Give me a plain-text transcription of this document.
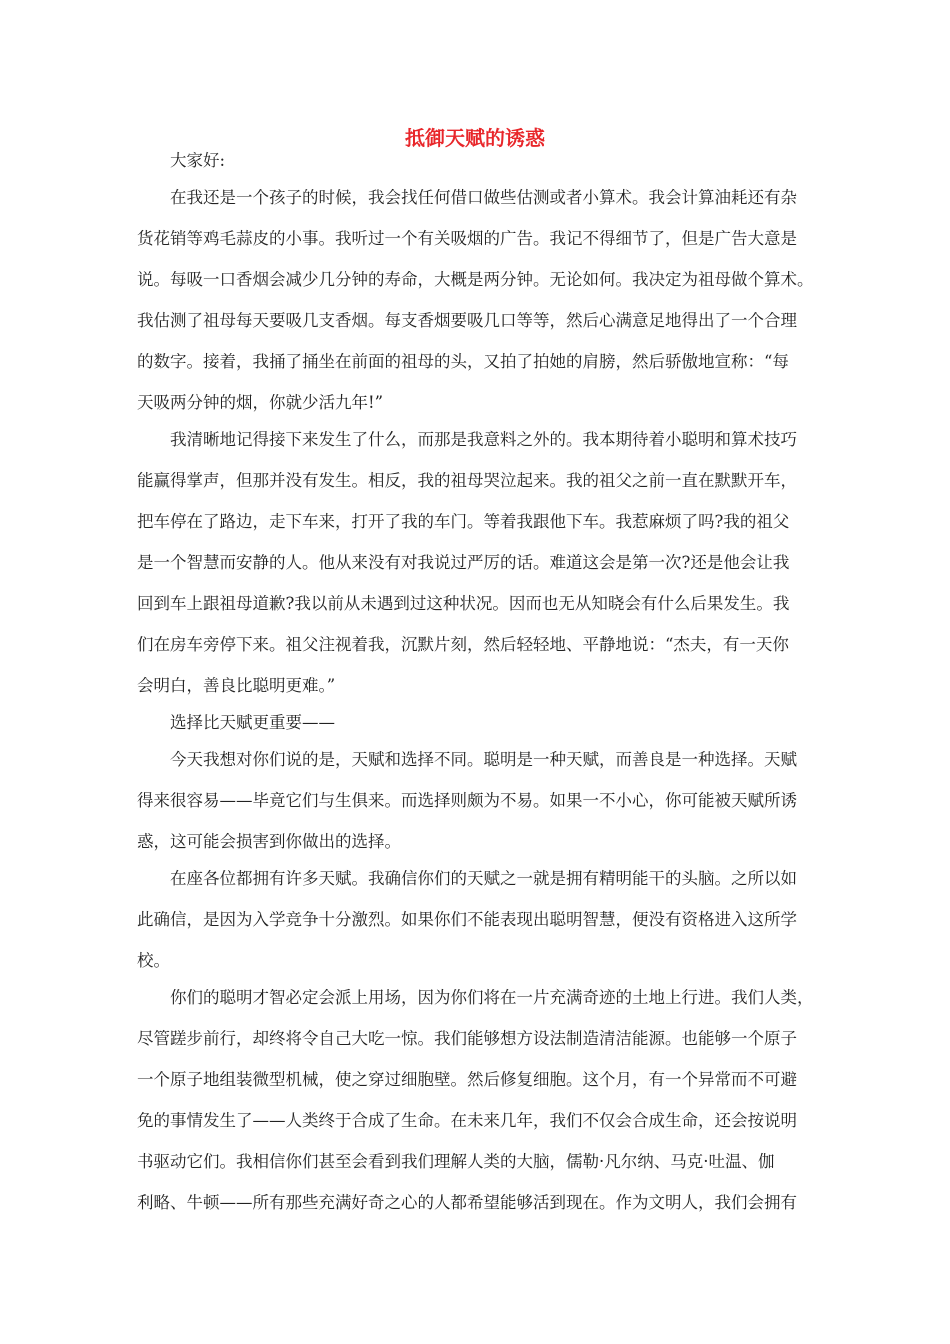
抵御天赋的诱惑

大家好:

在我还是一个孩子的时候，我会找任何借口做些估测或者小算术。我会计算油耗还有杂

货花销等鸡毛蒜皮的小事。我听过一个有关吸烟的广告。我记不得细节了，但是广告大意是

说。每吸一口香烟会减少几分钟的寿命，大概是两分钟。无论如何。我决定为祖母做个算术。

我估测了祖母每天要吸几支香烟。每支香烟要吸几口等等，然后心满意足地得出了一个合理

的数字。接着，我捅了捅坐在前面的祖母的头，又拍了拍她的肩膀，然后骄傲地宣称：“每

天吸两分钟的烟，你就少活九年!”

我清晰地记得接下来发生了什么，而那是我意料之外的。我本期待着小聪明和算术技巧

能赢得掌声，但那并没有发生。相反，我的祖母哭泣起来。我的祖父之前一直在默默开车，

把车停在了路边，走下车来，打开了我的车门。等着我跟他下车。我惹麻烦了吗?我的祖父

是一个智慧而安静的人。他从来没有对我说过严厉的话。难道这会是第一次?还是他会让我

回到车上跟祖母道歉?我以前从未遇到过这种状况。因而也无从知晓会有什么后果发生。我

们在房车旁停下来。祖父注视着我，沉默片刻，然后轻轻地、平静地说：“杰夫，有一天你

会明白，善良比聪明更难。”

选择比天赋更重要——

今天我想对你们说的是，天赋和选择不同。聪明是一种天赋，而善良是一种选择。天赋

得来很容易——毕竟它们与生俱来。而选择则颇为不易。如果一不小心，你可能被天赋所诱

惑，这可能会损害到你做出的选择。

在座各位都拥有许多天赋。我确信你们的天赋之一就是拥有精明能干的头脑。之所以如

此确信，是因为入学竞争十分激烈。如果你们不能表现出聪明智慧，便没有资格进入这所学

校。

你们的聪明才智必定会派上用场，因为你们将在一片充满奇迹的土地上行进。我们人类，

尽管蹉步前行，却终将令自己大吃一惊。我们能够想方设法制造清洁能源。也能够一个原子

一个原子地组装微型机械，使之穿过细胞壁。然后修复细胞。这个月，有一个异常而不可避

免的事情发生了——人类终于合成了生命。在未来几年，我们不仅会合成生命，还会按说明

书驱动它们。我相信你们甚至会看到我们理解人类的大脑，儒勒·凡尔纳、马克·吐温、伽

利略、牛顿——所有那些充满好奇之心的人都希望能够活到现在。作为文明人，我们会拥有
